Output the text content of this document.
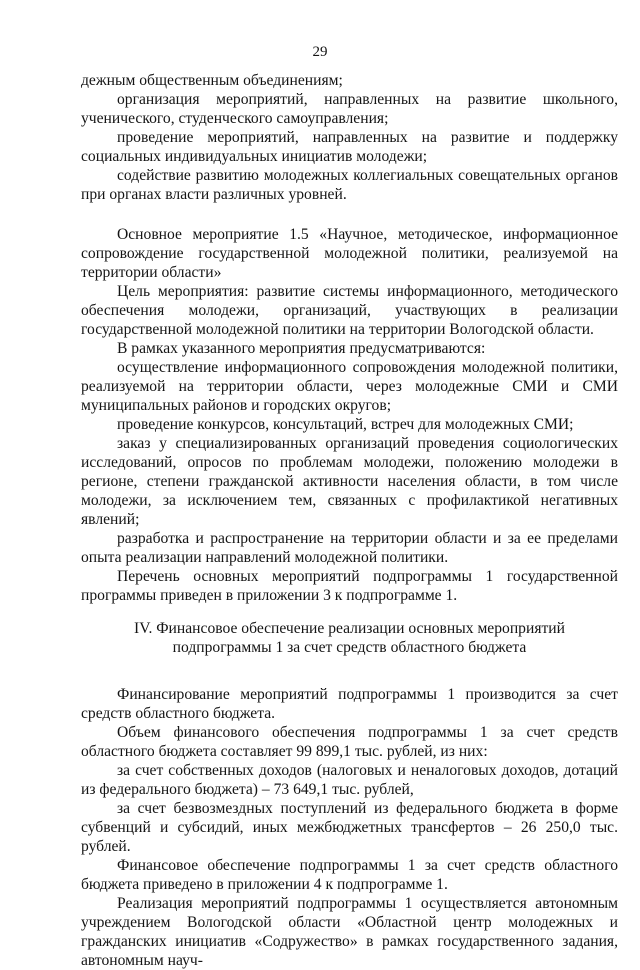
29

дежным общественным объединениям;

организация мероприятий, направленных на развитие школьного, ученического, студенческого самоуправления;

проведение мероприятий, направленных на развитие и поддержку социальных индивидуальных инициатив молодежи;

содействие развитию молодежных коллегиальных совещательных органов при органах власти различных уровней.

Основное мероприятие 1.5 «Научное, методическое, информационное сопровождение государственной молодежной политики, реализуемой на территории области»

Цель мероприятия: развитие системы информационного, методического обеспечения молодежи, организаций, участвующих в реализации государственной молодежной политики на территории Вологодской области.

В рамках указанного мероприятия предусматриваются:

осуществление информационного сопровождения молодежной политики, реализуемой на территории области, через молодежные СМИ и СМИ муниципальных районов и городских округов;

проведение конкурсов, консультаций, встреч для молодежных СМИ;

заказ у специализированных организаций проведения социологических исследований, опросов по проблемам молодежи, положению молодежи в регионе, степени гражданской активности населения области, в том числе молодежи, за исключением тем, связанных с профилактикой негативных явлений;

разработка и распространение на территории области и за ее пределами опыта реализации направлений молодежной политики.

Перечень основных мероприятий подпрограммы 1 государственной программы приведен в приложении 3 к подпрограмме 1.

IV. Финансовое обеспечение реализации основных мероприятий
подпрограммы 1 за счет средств областного бюджета

Финансирование мероприятий подпрограммы 1 производится за счет средств областного бюджета.

Объем финансового обеспечения подпрограммы 1 за счет средств областного бюджета составляет 99 899,1 тыс. рублей, из них:

за счет собственных доходов (налоговых и неналоговых доходов, дотаций из федерального бюджета) – 73 649,1 тыс. рублей,

за счет безвозмездных поступлений из федерального бюджета в форме субвенций и субсидий, иных межбюджетных трансфертов – 26 250,0 тыс. рублей.

Финансовое обеспечение подпрограммы 1 за счет средств областного бюджета приведено в приложении 4 к подпрограмме 1.

Реализация мероприятий подпрограммы 1 осуществляется автономным учреждением Вологодской области «Областной центр молодежных и гражданских инициатив «Содружество» в рамках государственного задания, автономным науч-
